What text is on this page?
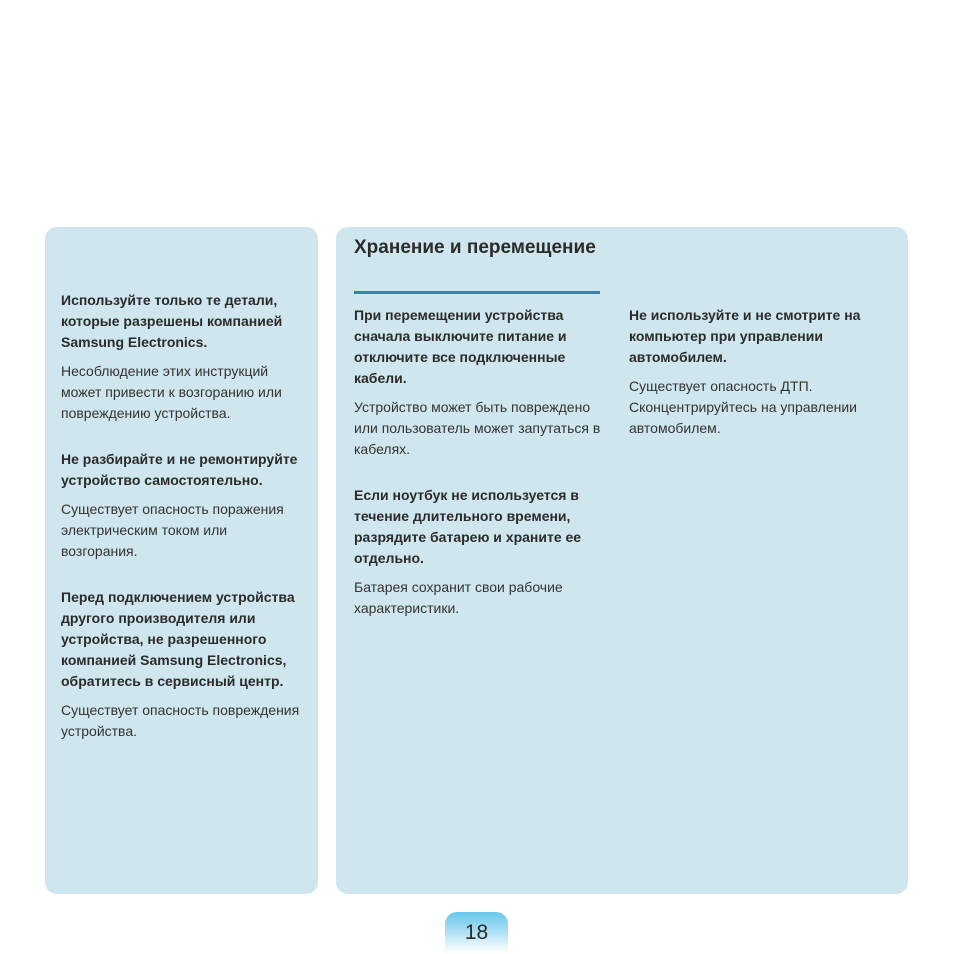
Используйте только те детали, которые разрешены компанией Samsung Electronics.

Несоблюдение этих инструкций может привести к возгоранию или повреждению устройства.

Не разбирайте и не ремонтируйте устройство самостоятельно.

Существует опасность поражения электрическим током или возгорания.

Перед подключением устройства другого производителя или устройства, не разрешенного компанией Samsung Electronics, обратитесь в сервисный центр.

Существует опасность повреждения устройства.

Хранение и перемещение

При перемещении устройства сначала выключите питание и отключите все подключенные кабели.

Устройство может быть повреждено или пользователь может запутаться в кабелях.

Если ноутбук не используется в течение длительного времени, разрядите батарею и храните ее отдельно.

Батарея сохранит свои рабочие характеристики.

Не используйте и не смотрите на компьютер при управлении автомобилем.

Существует опасность ДТП. Сконцентрируйтесь на управлении автомобилем.

18
